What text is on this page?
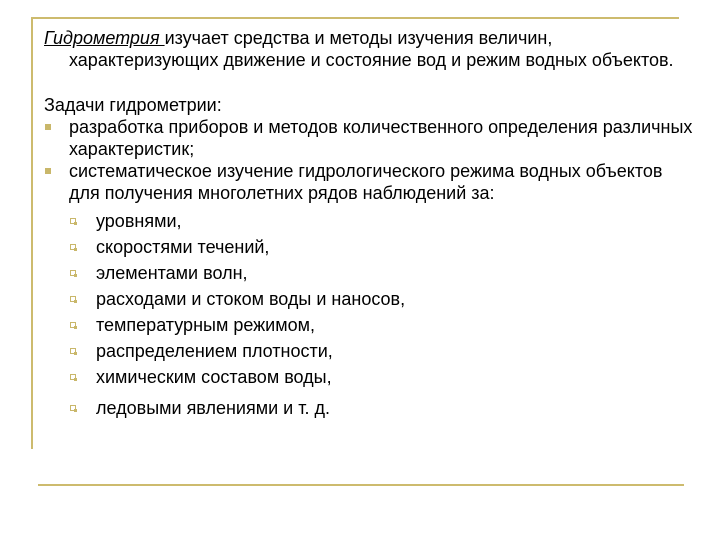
Гидрометрия изучает средства и методы изучения величин, характеризующих движение и состояние вод и режим водных объектов.

Задачи гидрометрии:

разработка приборов и методов количественного определения различных характеристик;
систематическое изучение гидрологического режима водных объектов для получения многолетних рядов наблюдений за:
уровнями,
скоростями течений,
элементами волн,
расходами и стоком воды и наносов,
температурным режимом,
распределением плотности,
химическим составом воды,
ледовыми явлениями и т. д.
